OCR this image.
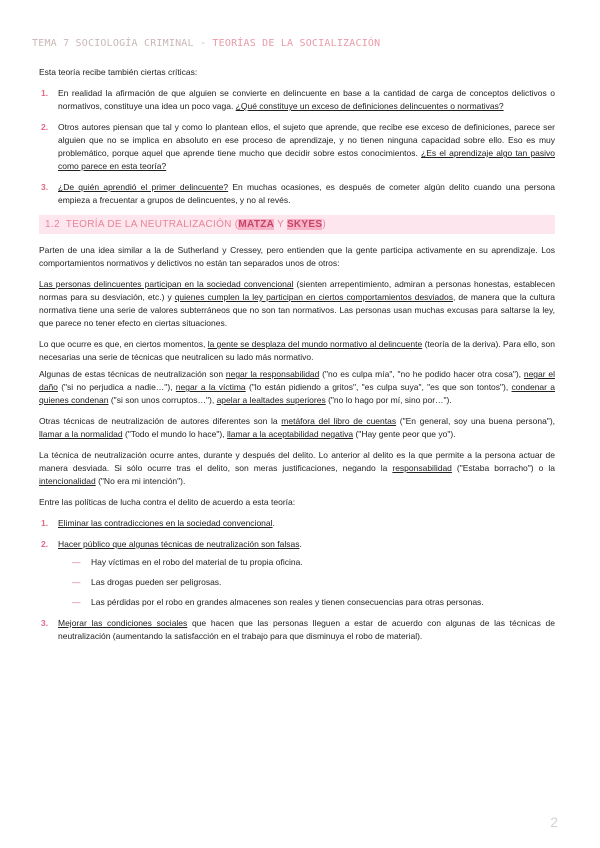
TEMA 7 SOCIOLOGÍA CRIMINAL - TEORÍAS DE LA SOCIALIZACIÓN

Esta teoría recibe también ciertas críticas:

1. En realidad la afirmación de que alguien se convierte en delincuente en base a la cantidad de carga de conceptos delictivos o normativos, constituye una idea un poco vaga. ¿Qué constituye un exceso de definiciones delincuentes o normativas?
2. Otros autores piensan que tal y como lo plantean ellos, el sujeto que aprende, que recibe ese exceso de definiciones, parece ser alguien que no se implica en absoluto en ese proceso de aprendizaje, y no tienen ninguna capacidad sobre ello. Eso es muy problemático, porque aquel que aprende tiene mucho que decidir sobre estos conocimientos. ¿Es el aprendizaje algo tan pasivo como parece en esta teoría?
3. ¿De quién aprendió el primer delincuente? En muchas ocasiones, es después de cometer algún delito cuando una persona empieza a frecuentar a grupos de delincuentes, y no al revés.
1.2 TEORÍA DE LA NEUTRALIZACIÓN (MATZA Y SKYES)

Parten de una idea similar a la de Sutherland y Cressey, pero entienden que la gente participa activamente en su aprendizaje. Los comportamientos normativos y delictivos no están tan separados unos de otros:

Las personas delincuentes participan en la sociedad convencional (sienten arrepentimiento, admiran a personas honestas, establecen normas para su desviación, etc.) y quienes cumplen la ley participan en ciertos comportamientos desviados, de manera que la cultura normativa tiene una serie de valores subterráneos que no son tan normativos. Las personas usan muchas excusas para saltarse la ley, que parece no tener efecto en ciertas situaciones.

Lo que ocurre es que, en ciertos momentos, la gente se desplaza del mundo normativo al delincuente (teoría de la deriva). Para ello, son necesarias una serie de técnicas que neutralicen su lado más normativo.

Algunas de estas técnicas de neutralización son negar la responsabilidad ("no es culpa mía", "no he podido hacer otra cosa"), negar el daño ("si no perjudica a nadie…"), negar a la víctima ("lo están pidiendo a gritos", "es culpa suya", "es que son tontos"), condenar a quienes condenan ("si son unos corruptos…"), apelar a lealtades superiores ("no lo hago por mí, sino por…").

Otras técnicas de neutralización de autores diferentes son la metáfora del libro de cuentas ("En general, soy una buena persona"), llamar a la normalidad ("Todo el mundo lo hace"), llamar a la aceptabilidad negativa ("Hay gente peor que yo").

La técnica de neutralización ocurre antes, durante y después del delito. Lo anterior al delito es la que permite a la persona actuar de manera desviada. Si sólo ocurre tras el delito, son meras justificaciones, negando la responsabilidad ("Estaba borracho") o la intencionalidad ("No era mi intención").

Entre las políticas de lucha contra el delito de acuerdo a esta teoría:

1. Eliminar las contradicciones en la sociedad convencional.
2. Hacer público que algunas técnicas de neutralización son falsas.
— Hay víctimas en el robo del material de tu propia oficina.
— Las drogas pueden ser peligrosas.
— Las pérdidas por el robo en grandes almacenes son reales y tienen consecuencias para otras personas.
3. Mejorar las condiciones sociales que hacen que las personas lleguen a estar de acuerdo con algunas de las técnicas de neutralización (aumentando la satisfacción en el trabajo para que disminuya el robo de material).
2
